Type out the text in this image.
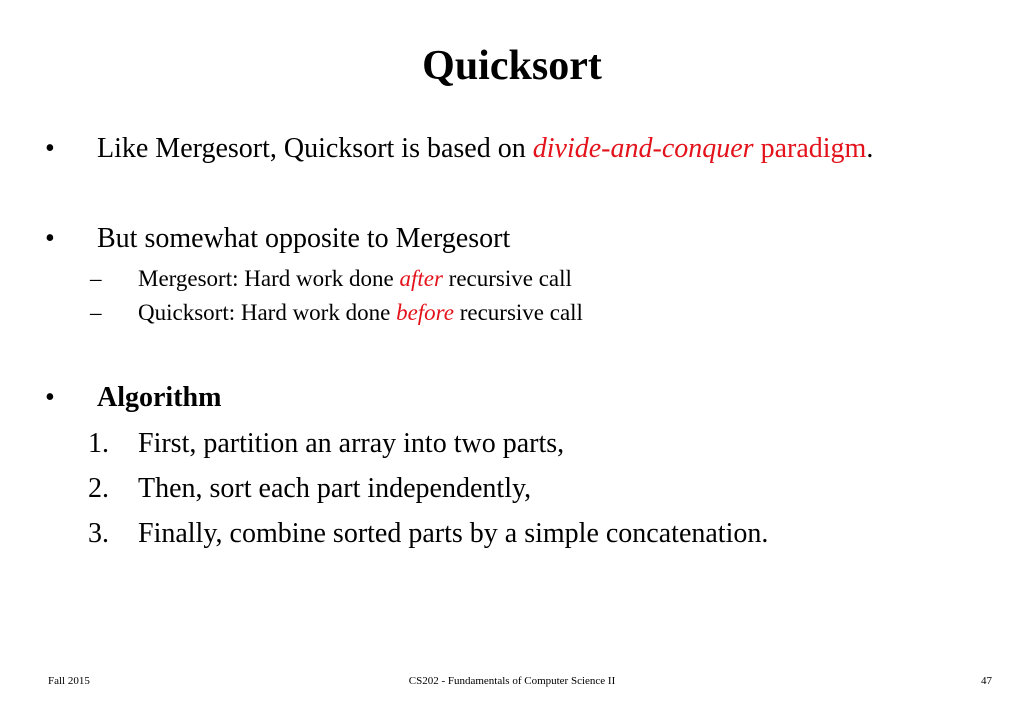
Quicksort
• Like Mergesort, Quicksort is based on divide-and-conquer paradigm.
• But somewhat opposite to Mergesort
– Mergesort: Hard work done after recursive call
– Quicksort: Hard work done before recursive call
• Algorithm
1. First, partition an array into two parts,
2. Then, sort each part independently,
3. Finally, combine sorted parts by a simple concatenation.
Fall 2015	CS202 - Fundamentals of Computer Science II	47
